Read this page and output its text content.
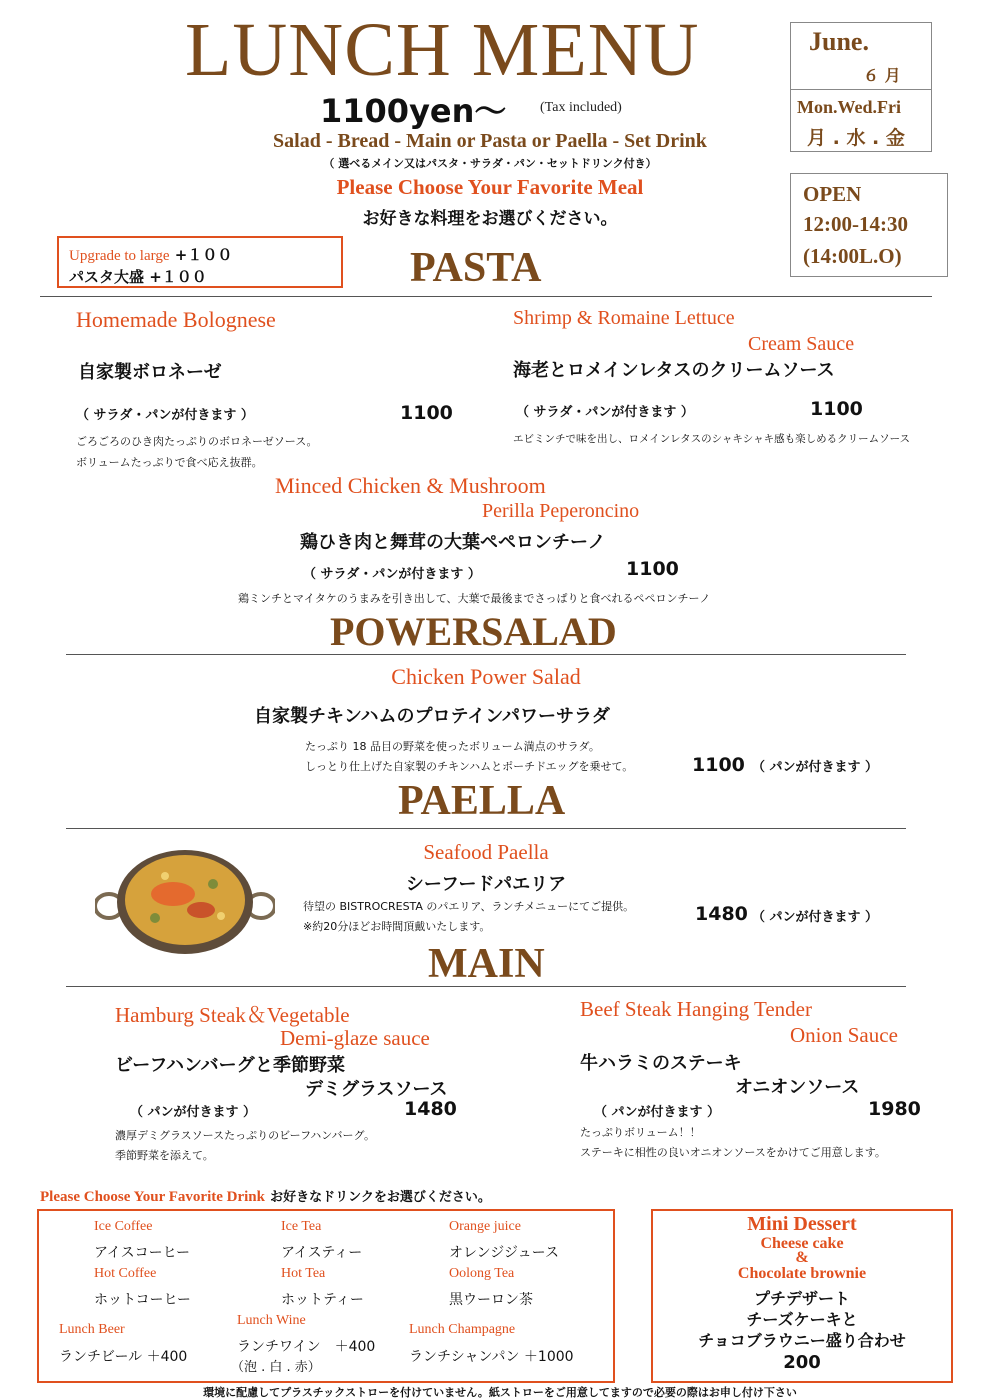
LUNCH MENU
1100yen～ (Tax included)
Salad - Bread - Main or Pasta or Paella - Set Drink
（ 選べるメイン又はパスタ・サラダ・パン・セットドリンク付き）
Please Choose Your Favorite Meal
お好きな料理をお選びください。
June.
６ 月
Mon.Wed.Fri
月 . 水 . 金
OPEN
12:00-14:30
(14:00L.O)
Upgrade to large +１００
パスタ大盛 +１００	PASTA
Homemade Bolognese
自家製ボロネーゼ
（ サラダ・パンが付きます ）	1100
ごろごろのひき肉たっぷりのボロネーゼソース。
ボリュームたっぷりで食べ応え抜群。
Shrimp & Romaine Lettuce
Cream Sauce
海老とロメインレタスのクリームソース
（ サラダ・パンが付きます ）	1100
エビミンチで味を出し、ロメインレタスのシャキシャキ感も楽しめるクリームソース
Minced Chicken & Mushroom
Perilla Peperoncino
鶏ひき肉と舞茸の大葉ペペロンチーノ
（ サラダ・パンが付きます ）	1100
鶏ミンチとマイタケのうまみを引き出して、大葉で最後までさっぱりと食べれるペペロンチーノ
POWERSALAD
Chicken Power Salad
自家製チキンハムのプロテインパワーサラダ
たっぷり 18 品目の野菜を使ったボリューム満点のサラダ。
しっとり仕上げた自家製のチキンハムとポーチドエッグを乗せて。	1100 （ パンが付きます ）
PAELLA
Seafood Paella
シーフードパエリア
待望の BISTROCRESTA のパエリア、ランチメニューにてご提供。
※約20分ほどお時間頂戴いたします。
1480 （ パンが付きます ）
MAIN
Hamburg Steak＆Vegetable
Demi-glaze sauce
ビーフハンバーグと季節野菜
デミグラスソース
（ パンが付きます ）	1480
濃厚デミグラスソースたっぷりのビーフハンバーグ。
季節野菜を添えて。
Beef Steak Hanging Tender
Onion Sauce
牛ハラミのステーキ
オニオンソース
（ パンが付きます ）	1980
たっぷりボリューム！！
ステーキに相性の良いオニオンソースをかけてご用意します。
Please Choose Your Favorite Drink お好きなドリンクをお選びください。
Ice Coffee
アイスコーヒー
Ice Tea
アイスティー
Orange juice
オレンジジュース
Hot Coffee
ホットコーヒー
Hot Tea
ホットティー
Oolong Tea
黒ウーロン茶
Lunch Beer
ランチビール ＋400
Lunch Wine
ランチワイン　＋400
（泡 . 白 . 赤）
Lunch Champagne
ランチシャンパン ＋1000
Mini Dessert
Cheese cake
&
Chocolate brownie
プチデザート
チーズケーキと
チョコブラウニー盛り合わせ
200
環境に配慮してプラスチックストローを付けていません。紙ストローをご用意してますので必要の際はお申し付け下さい
